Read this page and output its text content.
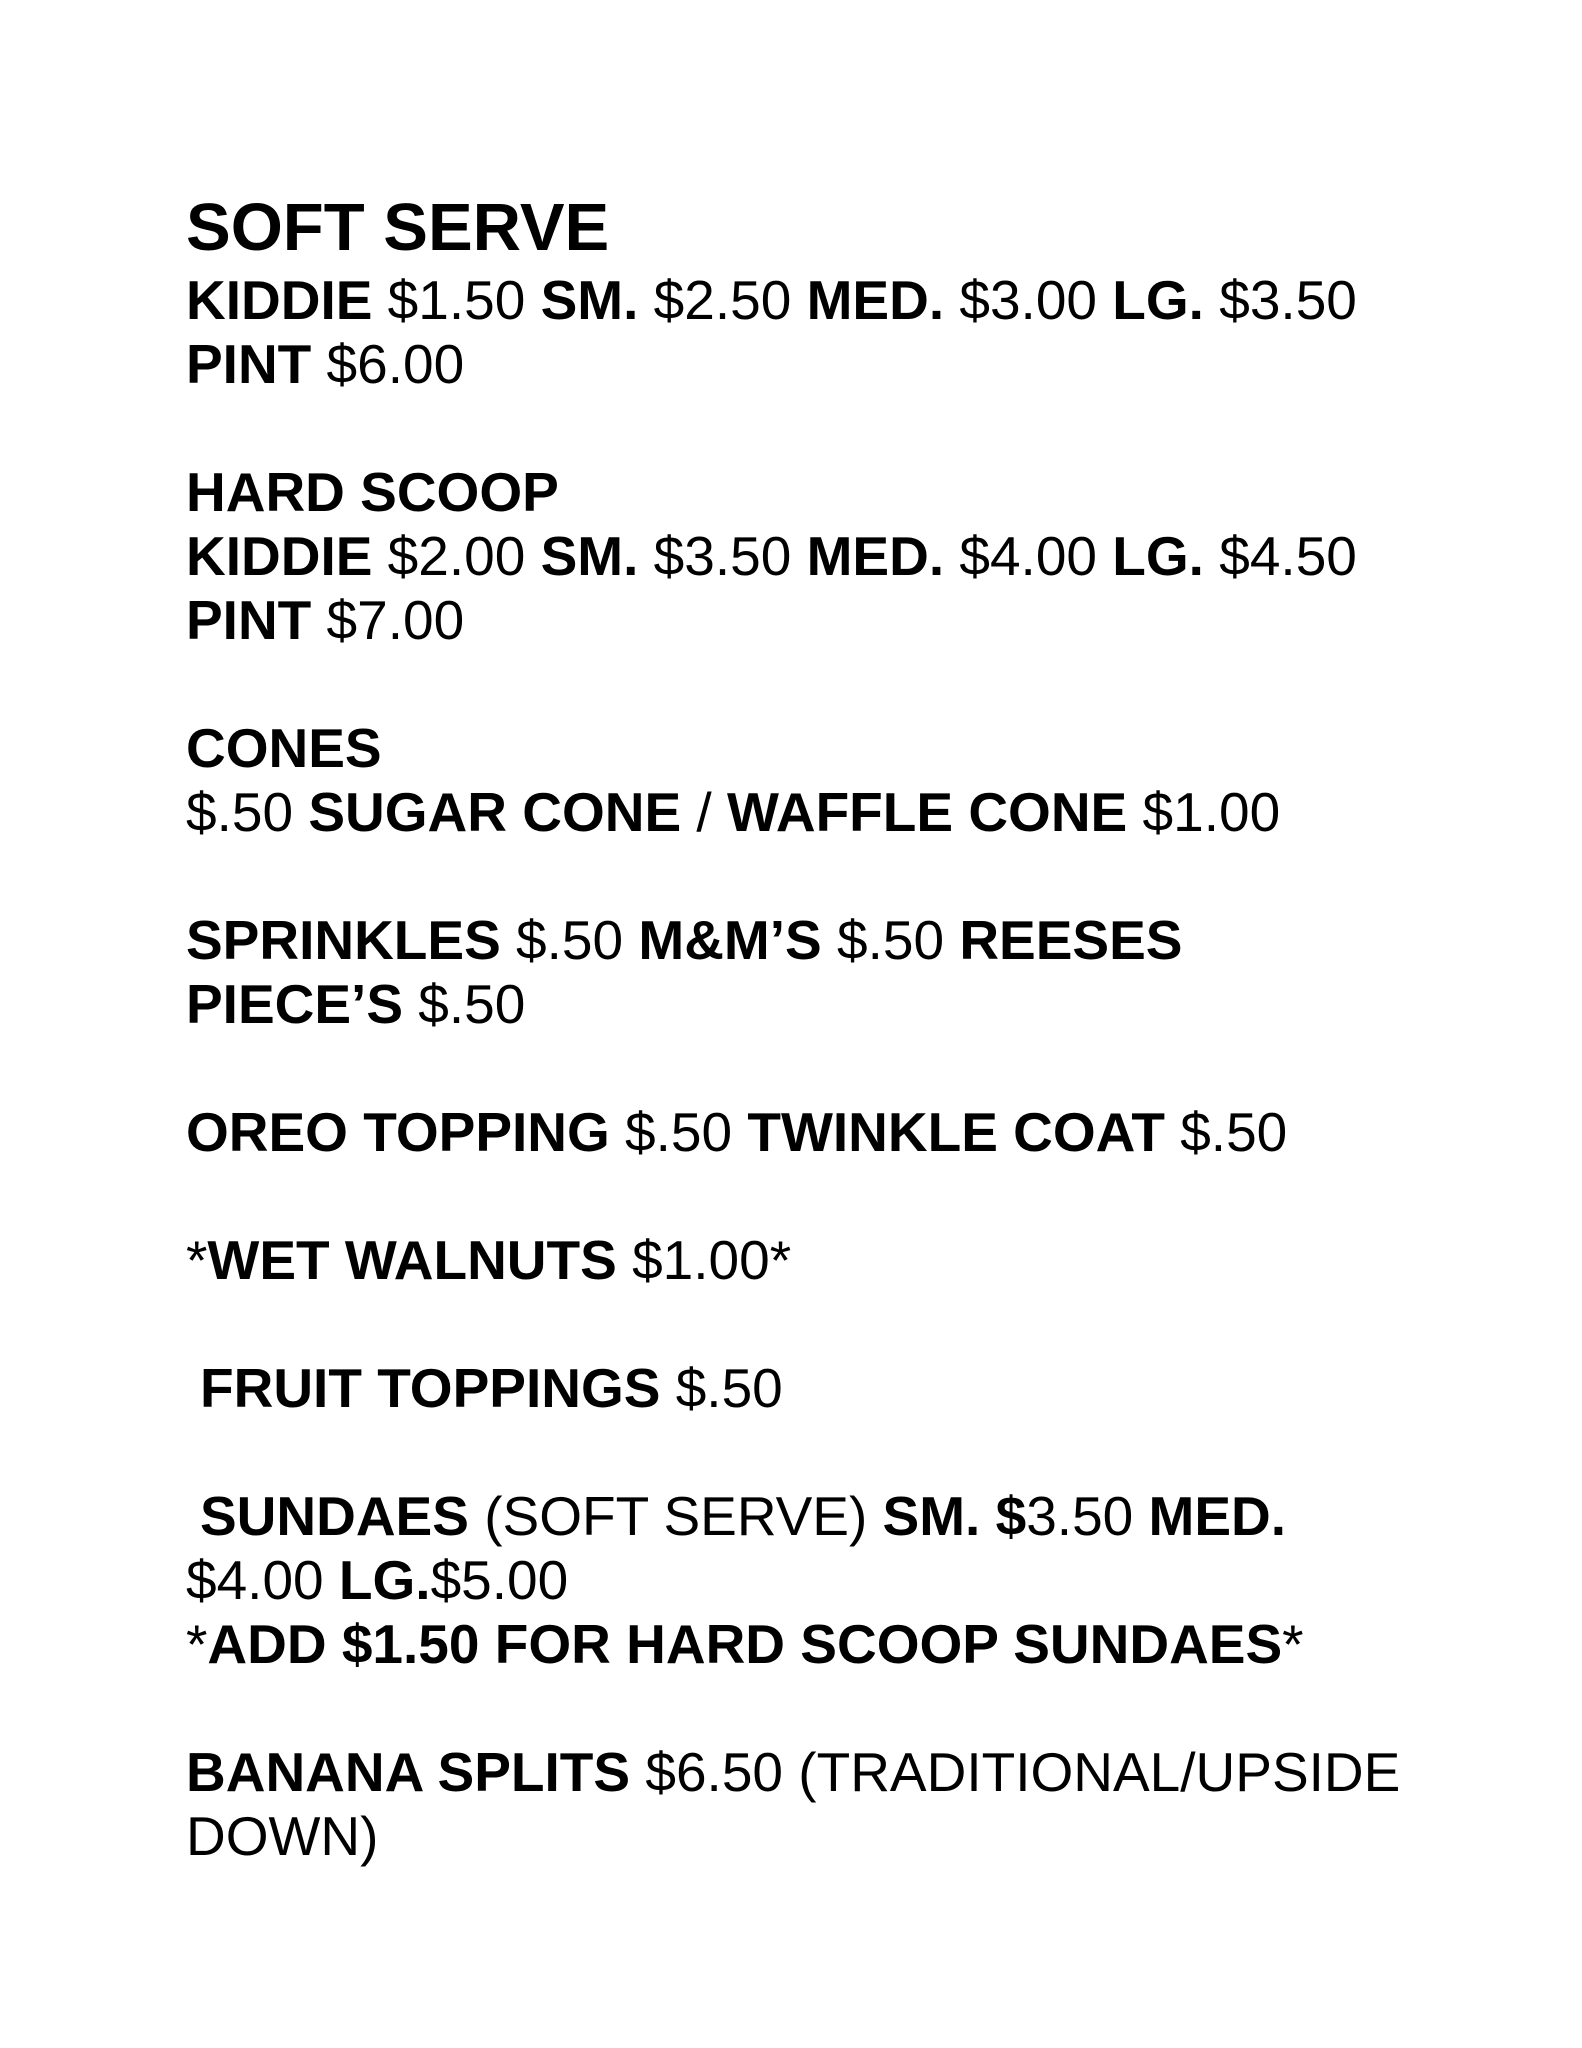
SOFT SERVE
KIDDIE $1.50 SM. $2.50 MED. $3.00 LG. $3.50
PINT $6.00
HARD SCOOP
KIDDIE $2.00 SM. $3.50 MED. $4.00 LG. $4.50
PINT $7.00
CONES
$.50 SUGAR CONE / WAFFLE CONE $1.00
SPRINKLES $.50 M&M’S $.50 REESES
PIECE’S $.50
OREO TOPPING $.50 TWINKLE COAT $.50
*WET WALNUTS $1.00*
FRUIT TOPPINGS $.50
SUNDAES (SOFT SERVE) SM. $3.50 MED.
$4.00 LG.$5.00
*ADD $1.50 FOR HARD SCOOP SUNDAES*
BANANA SPLITS $6.50 (TRADITIONAL/UPSIDE
DOWN)
